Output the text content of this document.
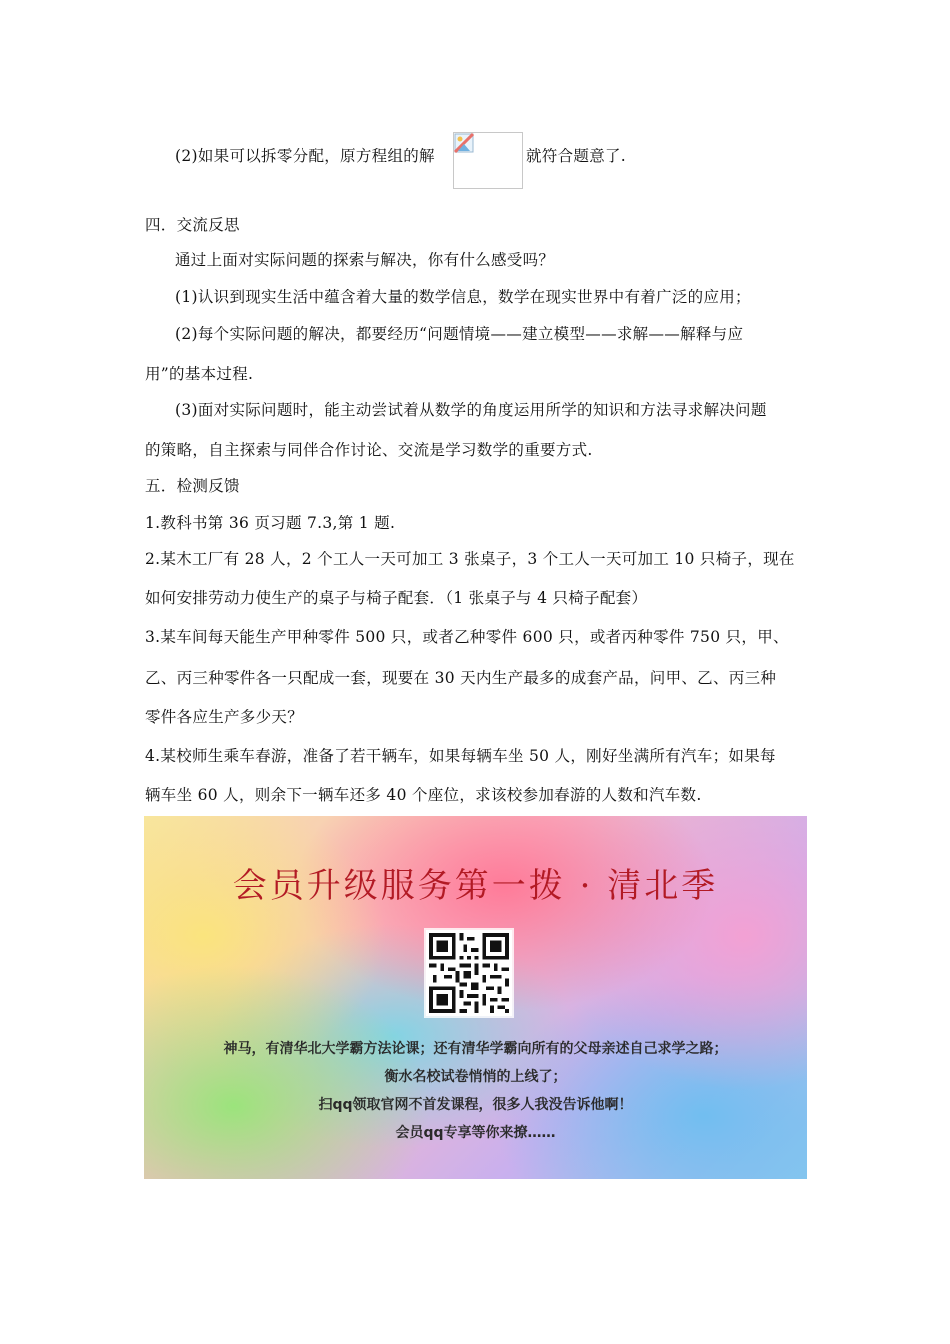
(2)如果可以拆零分配，原方程组的解	就符合题意了.
四．交流反思
通过上面对实际问题的探索与解决，你有什么感受吗？
(1)认识到现实生活中蕴含着大量的数学信息，数学在现实世界中有着广泛的应用；
(2)每个实际问题的解决，都要经历“问题情境——建立模型——求解——解释与应
用”的基本过程.
(3)面对实际问题时，能主动尝试着从数学的角度运用所学的知识和方法寻求解决问题
的策略，自主探索与同伴合作讨论、交流是学习数学的重要方式.
五．检测反馈
1.教科书第 36 页习题 7.3,第 1 题.
2.某木工厂有 28 人，2 个工人一天可加工 3 张桌子，3 个工人一天可加工 10 只椅子，现在
如何安排劳动力使生产的桌子与椅子配套．（1 张桌子与 4 只椅子配套）
3.某车间每天能生产甲种零件 500 只，或者乙种零件 600 只，或者丙种零件 750 只，甲、
乙、丙三种零件各一只配成一套，现要在 30 天内生产最多的成套产品，问甲、乙、丙三种
零件各应生产多少天？
4.某校师生乘车春游，准备了若干辆车，如果每辆车坐 50 人，刚好坐满所有汽车；如果每
辆车坐 60 人，则余下一辆车还多 40 个座位，求该校参加春游的人数和汽车数.
会员升级服务第一拨 · 清北季
神马，有清华北大学霸方法论课；还有清华学霸向所有的父母亲述自己求学之路；
衡水名校试卷悄悄的上线了；
扫qq领取官网不首发课程，很多人我没告诉他啊！
会员qq专享等你来撩……
